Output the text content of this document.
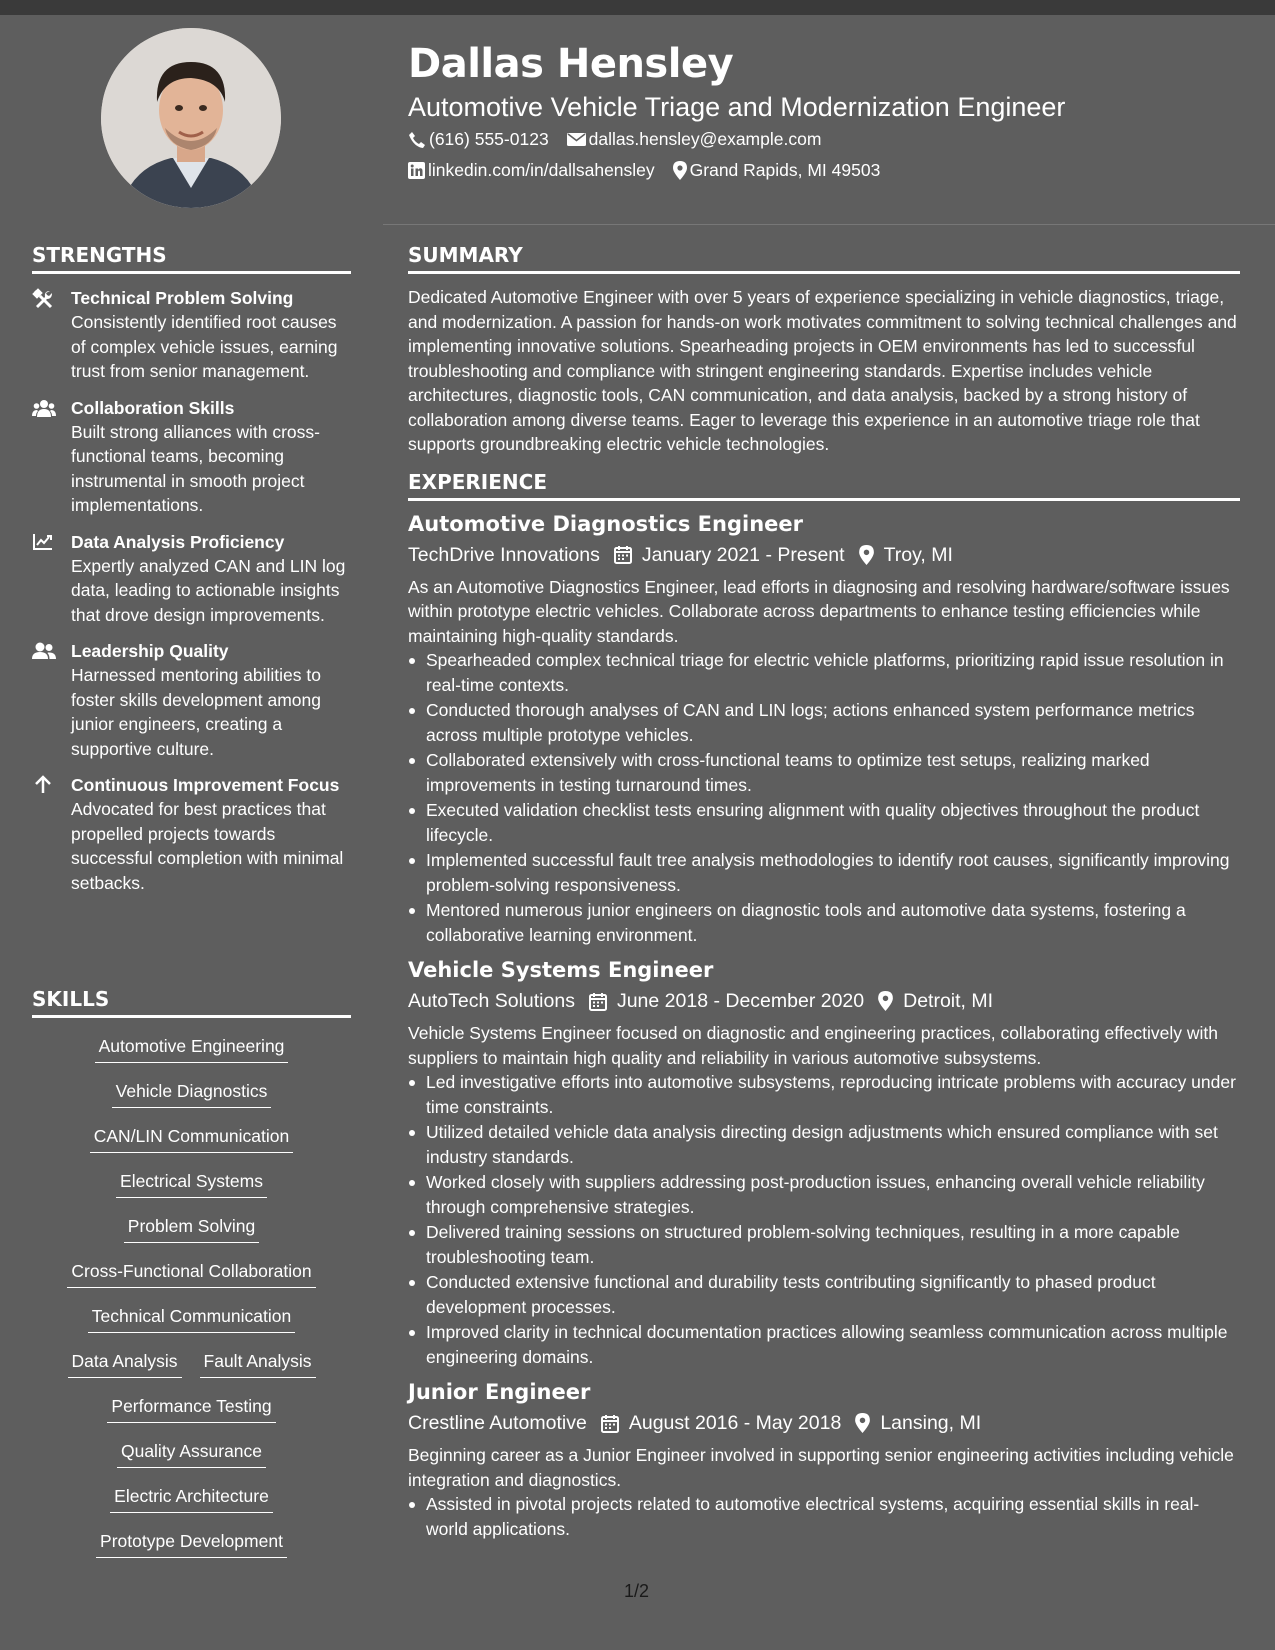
STRENGTHS
Technical Problem Solving
Consistently identified root causes of complex vehicle issues, earning trust from senior management.
Collaboration Skills
Built strong alliances with cross-functional teams, becoming instrumental in smooth project implementations.
Data Analysis Proficiency
Expertly analyzed CAN and LIN log data, leading to actionable insights that drove design improvements.
Leadership Quality
Harnessed mentoring abilities to foster skills development among junior engineers, creating a supportive culture.
Continuous Improvement Focus
Advocated for best practices that propelled projects towards successful completion with minimal setbacks.
SKILLS
Automotive Engineering
Vehicle Diagnostics
CAN/LIN Communication
Electrical Systems
Problem Solving
Cross-Functional Collaboration
Technical Communication
Data Analysis Fault Analysis
Performance Testing
Quality Assurance
Electric Architecture
Prototype Development
Dallas Hensley
Automotive Vehicle Triage and Modernization Engineer
(616) 555-0123 dallas.hensley@example.com
linkedin.com/in/dallsahensley Grand Rapids, MI 49503
SUMMARY
Dedicated Automotive Engineer with over 5 years of experience specializing in vehicle diagnostics, triage, and modernization. A passion for hands-on work motivates commitment to solving technical challenges and implementing innovative solutions. Spearheading projects in OEM environments has led to successful troubleshooting and compliance with stringent engineering standards. Expertise includes vehicle architectures, diagnostic tools, CAN communication, and data analysis, backed by a strong history of collaboration among diverse teams. Eager to leverage this experience in an automotive triage role that supports groundbreaking electric vehicle technologies.
EXPERIENCE
Automotive Diagnostics Engineer
TechDrive Innovations January 2021 - Present Troy, MI
As an Automotive Diagnostics Engineer, lead efforts in diagnosing and resolving hardware/software issues within prototype electric vehicles. Collaborate across departments to enhance testing efficiencies while maintaining high-quality standards.
Spearheaded complex technical triage for electric vehicle platforms, prioritizing rapid issue resolution in real-time contexts.
Conducted thorough analyses of CAN and LIN logs; actions enhanced system performance metrics across multiple prototype vehicles.
Collaborated extensively with cross-functional teams to optimize test setups, realizing marked improvements in testing turnaround times.
Executed validation checklist tests ensuring alignment with quality objectives throughout the product lifecycle.
Implemented successful fault tree analysis methodologies to identify root causes, significantly improving problem-solving responsiveness.
Mentored numerous junior engineers on diagnostic tools and automotive data systems, fostering a collaborative learning environment.
Vehicle Systems Engineer
AutoTech Solutions June 2018 - December 2020 Detroit, MI
Vehicle Systems Engineer focused on diagnostic and engineering practices, collaborating effectively with suppliers to maintain high quality and reliability in various automotive subsystems.
Led investigative efforts into automotive subsystems, reproducing intricate problems with accuracy under time constraints.
Utilized detailed vehicle data analysis directing design adjustments which ensured compliance with set industry standards.
Worked closely with suppliers addressing post-production issues, enhancing overall vehicle reliability through comprehensive strategies.
Delivered training sessions on structured problem-solving techniques, resulting in a more capable troubleshooting team.
Conducted extensive functional and durability tests contributing significantly to phased product development processes.
Improved clarity in technical documentation practices allowing seamless communication across multiple engineering domains.
Junior Engineer
Crestline Automotive August 2016 - May 2018 Lansing, MI
Beginning career as a Junior Engineer involved in supporting senior engineering activities including vehicle integration and diagnostics.
Assisted in pivotal projects related to automotive electrical systems, acquiring essential skills in real-world applications.
1/2
